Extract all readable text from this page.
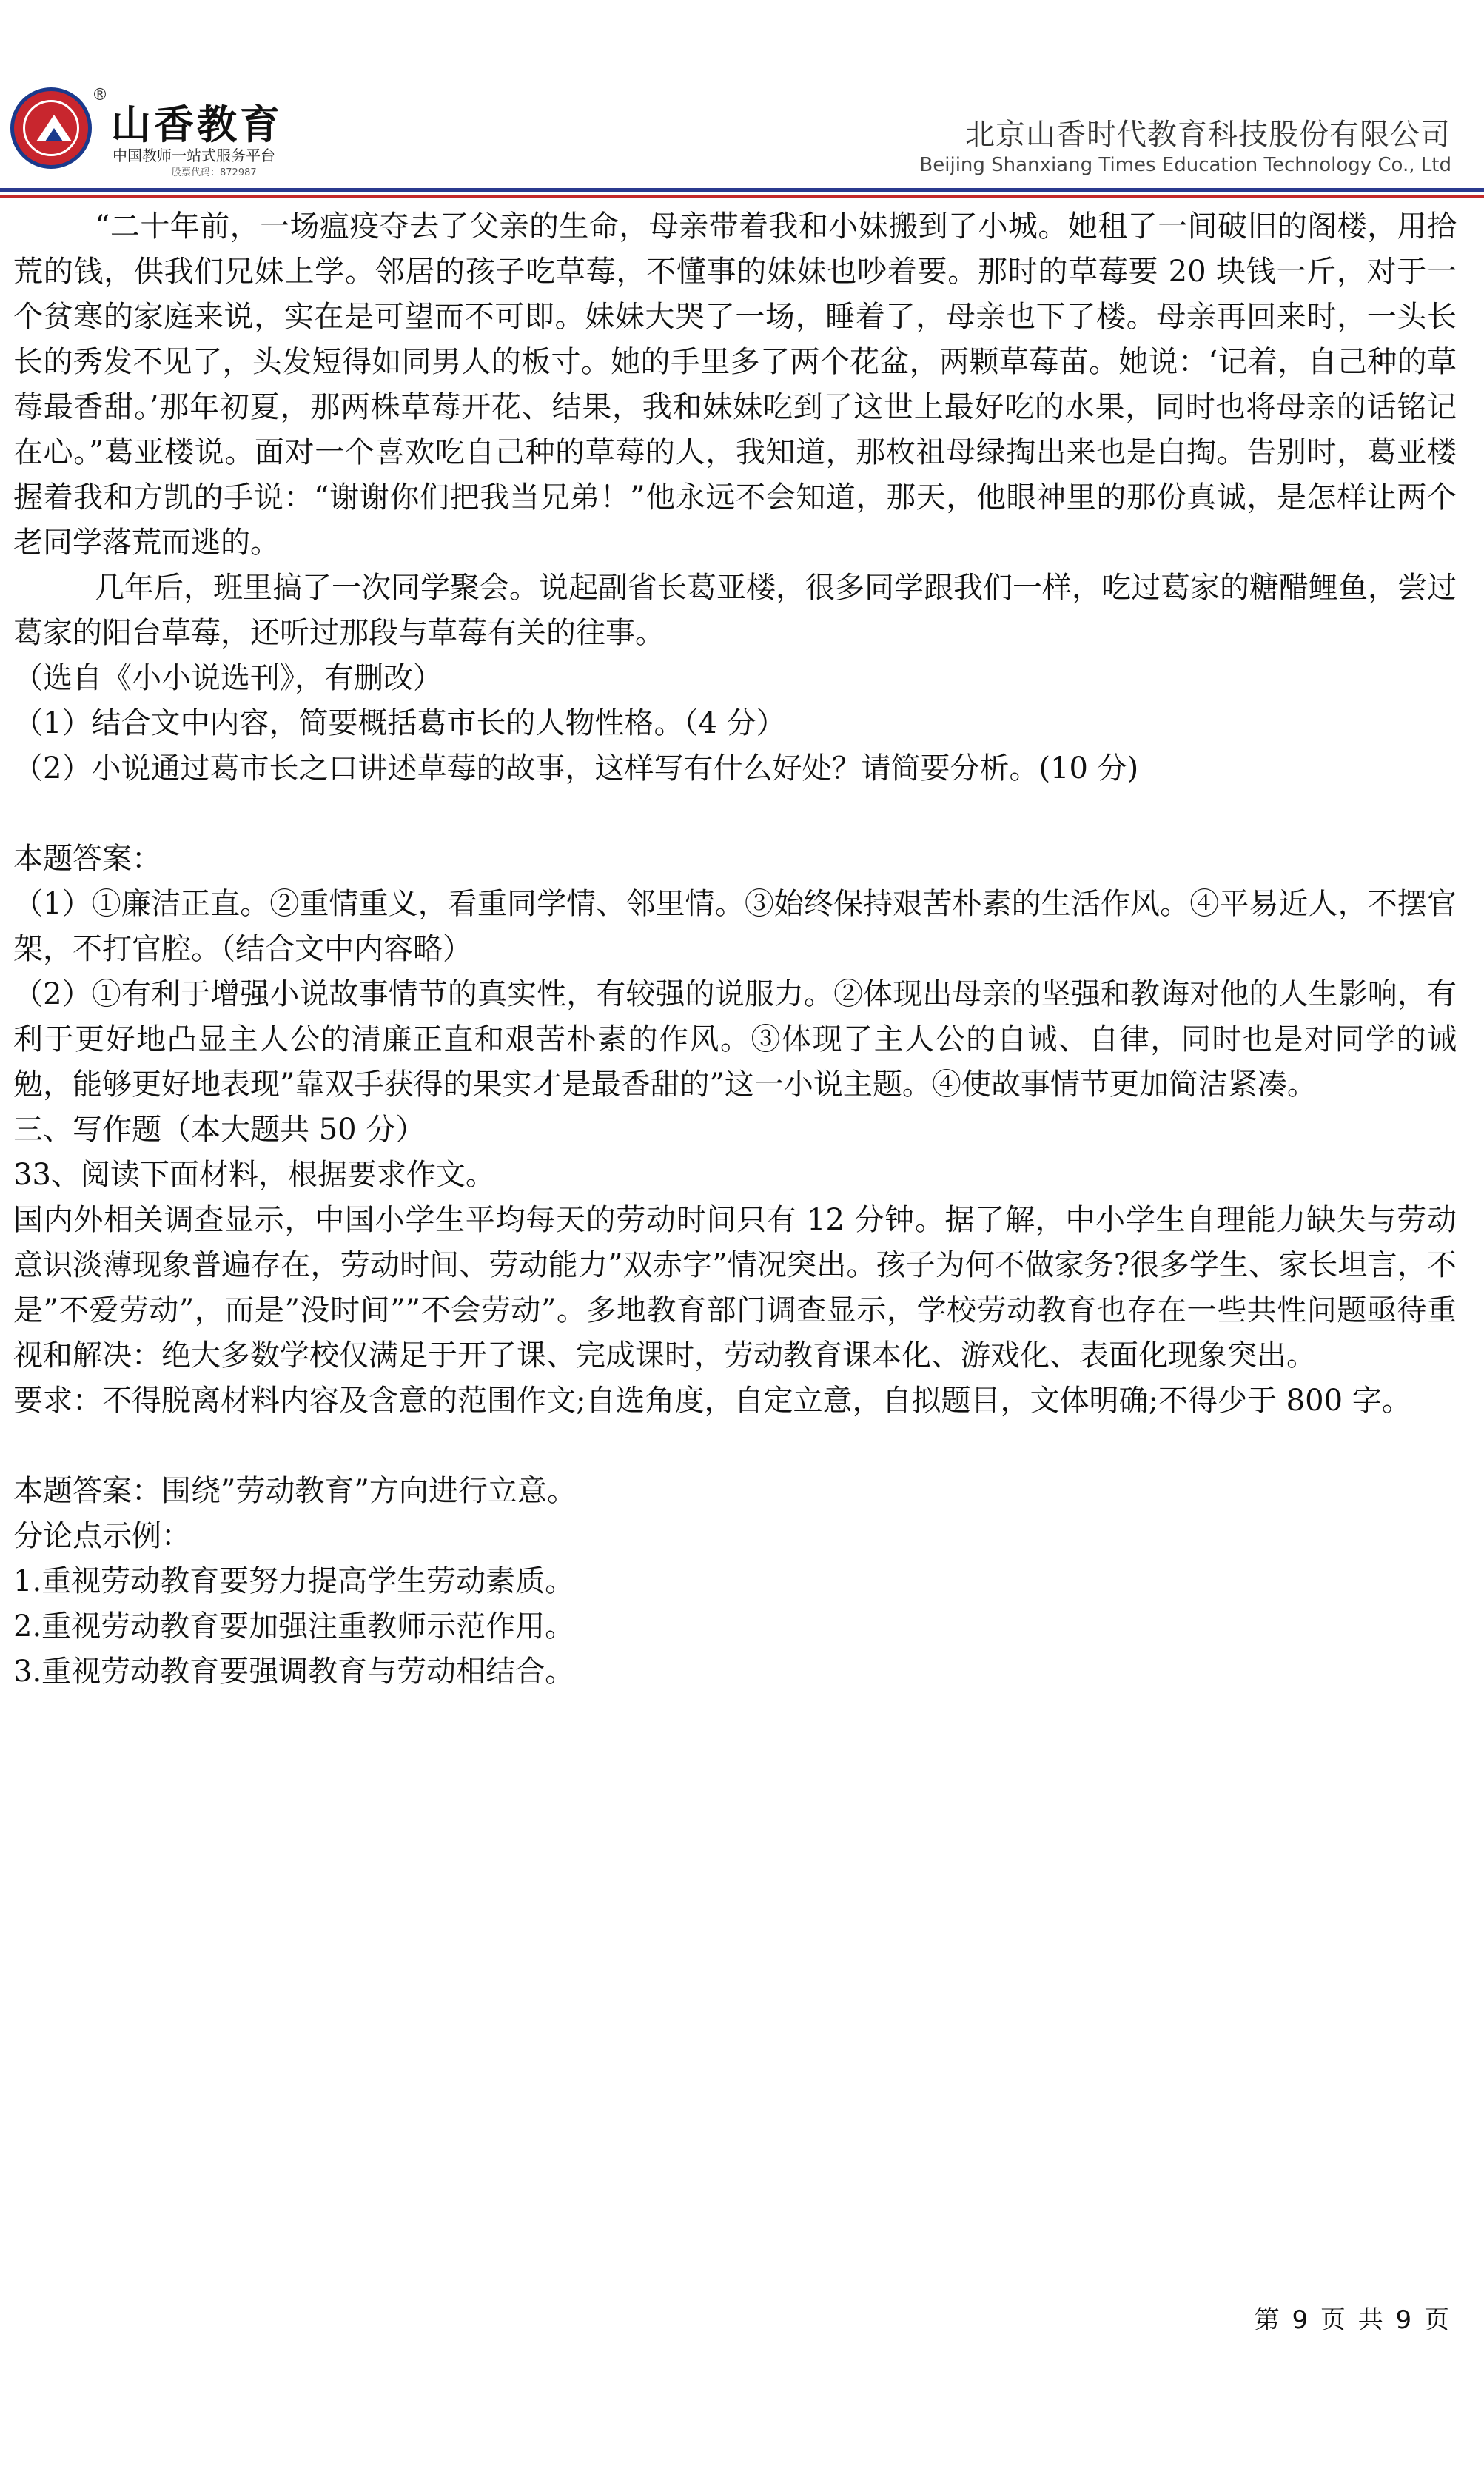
®
山香教育
中国教师一站式服务平台
股票代码：872987
北京山香时代教育科技股份有限公司
Beijing Shanxiang Times Education Technology Co., Ltd

“二十年前，一场瘟疫夺去了父亲的生命，母亲带着我和小妹搬到了小城。她租了一间破旧的阁楼，用拾荒的钱，供我们兄妹上学。邻居的孩子吃草莓，不懂事的妹妹也吵着要。那时的草莓要 20 块钱一斤，对于一个贫寒的家庭来说，实在是可望而不可即。妹妹大哭了一场，睡着了，母亲也下了楼。母亲再回来时，一头长长的秀发不见了，头发短得如同男人的板寸。她的手里多了两个花盆，两颗草莓苗。她说：‘记着，自己种的草莓最香甜。’那年初夏，那两株草莓开花、结果，我和妹妹吃到了这世上最好吃的水果，同时也将母亲的话铭记在心。”葛亚楼说。面对一个喜欢吃自己种的草莓的人，我知道，那枚祖母绿掏出来也是白掏。告别时，葛亚楼握着我和方凯的手说：“谢谢你们把我当兄弟！”他永远不会知道，那天，他眼神里的那份真诚，是怎样让两个老同学落荒而逃的。

几年后，班里搞了一次同学聚会。说起副省长葛亚楼，很多同学跟我们一样，吃过葛家的糖醋鲤鱼，尝过葛家的阳台草莓，还听过那段与草莓有关的往事。

（选自《小小说选刊》，有删改）

（1）结合文中内容，简要概括葛市长的人物性格。（4 分）

（2）小说通过葛市长之口讲述草莓的故事，这样写有什么好处？请简要分析。(10 分)

本题答案：

（1）①廉洁正直。②重情重义，看重同学情、邻里情。③始终保持艰苦朴素的生活作风。④平易近人，不摆官架，不打官腔。（结合文中内容略）

（2）①有利于增强小说故事情节的真实性，有较强的说服力。②体现出母亲的坚强和教诲对他的人生影响，有利于更好地凸显主人公的清廉正直和艰苦朴素的作风。③体现了主人公的自诫、自律，同时也是对同学的诫勉，能够更好地表现”靠双手获得的果实才是最香甜的”这一小说主题。④使故事情节更加简洁紧凑。

三、写作题（本大题共 50 分）

33、阅读下面材料，根据要求作文。

国内外相关调查显示，中国小学生平均每天的劳动时间只有 12 分钟。据了解，中小学生自理能力缺失与劳动意识淡薄现象普遍存在，劳动时间、劳动能力”双赤字”情况突出。孩子为何不做家务?很多学生、家长坦言，不是”不爱劳动”，而是”没时间””不会劳动”。多地教育部门调查显示，学校劳动教育也存在一些共性问题亟待重视和解决：绝大多数学校仅满足于开了课、完成课时，劳动教育课本化、游戏化、表面化现象突出。

要求：不得脱离材料内容及含意的范围作文;自选角度，自定立意，自拟题目，文体明确;不得少于 800 字。

本题答案：围绕”劳动教育”方向进行立意。

分论点示例：

1.重视劳动教育要努力提高学生劳动素质。

2.重视劳动教育要加强注重教师示范作用。

3.重视劳动教育要强调教育与劳动相结合。

第 9 页 共 9 页
